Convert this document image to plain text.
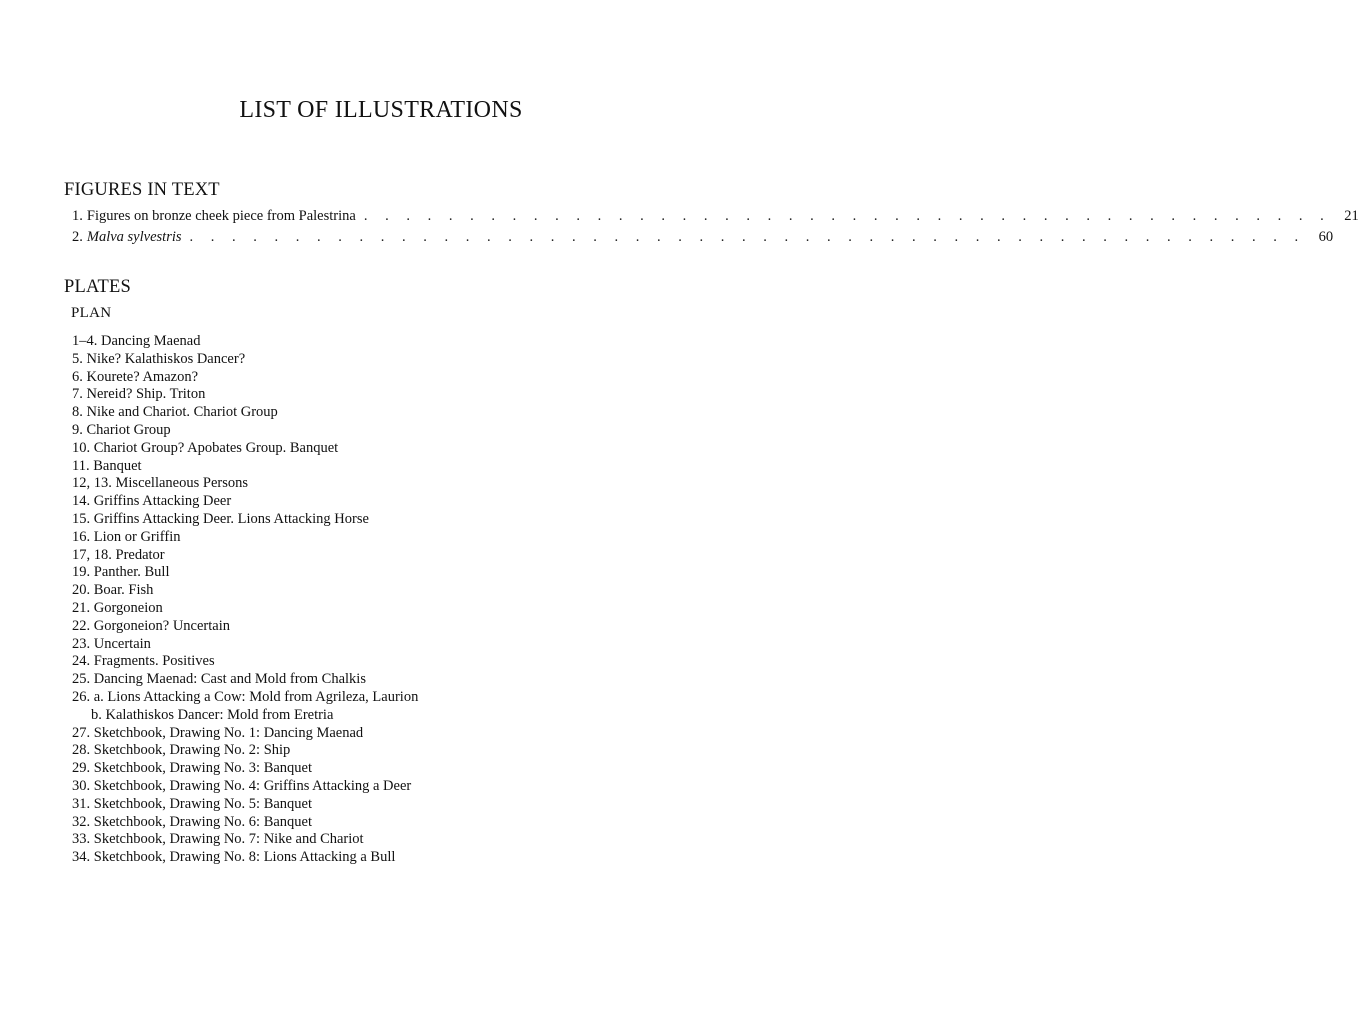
LIST OF ILLUSTRATIONS
FIGURES IN TEXT
1. Figures on bronze cheek piece from Palestrina . . . . . . . . . . . . . . . . . . . . . . . . . . . . . . . . . . . . . . . . . . . . . . 21
2. Malva sylvestris . . . . . . . . . . . . . . . . . . . . . . . . . . . . . . . . . . . . . . . . . . . . . . . . . . . . . 60
PLATES
PLAN
1–4. Dancing Maenad
5. Nike? Kalathiskos Dancer?
6. Kourete? Amazon?
7. Nereid? Ship. Triton
8. Nike and Chariot. Chariot Group
9. Chariot Group
10. Chariot Group? Apobates Group. Banquet
11. Banquet
12, 13. Miscellaneous Persons
14. Griffins Attacking Deer
15. Griffins Attacking Deer. Lions Attacking Horse
16. Lion or Griffin
17, 18. Predator
19. Panther. Bull
20. Boar. Fish
21. Gorgoneion
22. Gorgoneion? Uncertain
23. Uncertain
24. Fragments. Positives
25. Dancing Maenad: Cast and Mold from Chalkis
26. a. Lions Attacking a Cow: Mold from Agrileza, Laurion
b. Kalathiskos Dancer: Mold from Eretria
27. Sketchbook, Drawing No. 1: Dancing Maenad
28. Sketchbook, Drawing No. 2: Ship
29. Sketchbook, Drawing No. 3: Banquet
30. Sketchbook, Drawing No. 4: Griffins Attacking a Deer
31. Sketchbook, Drawing No. 5: Banquet
32. Sketchbook, Drawing No. 6: Banquet
33. Sketchbook, Drawing No. 7: Nike and Chariot
34. Sketchbook, Drawing No. 8: Lions Attacking a Bull
